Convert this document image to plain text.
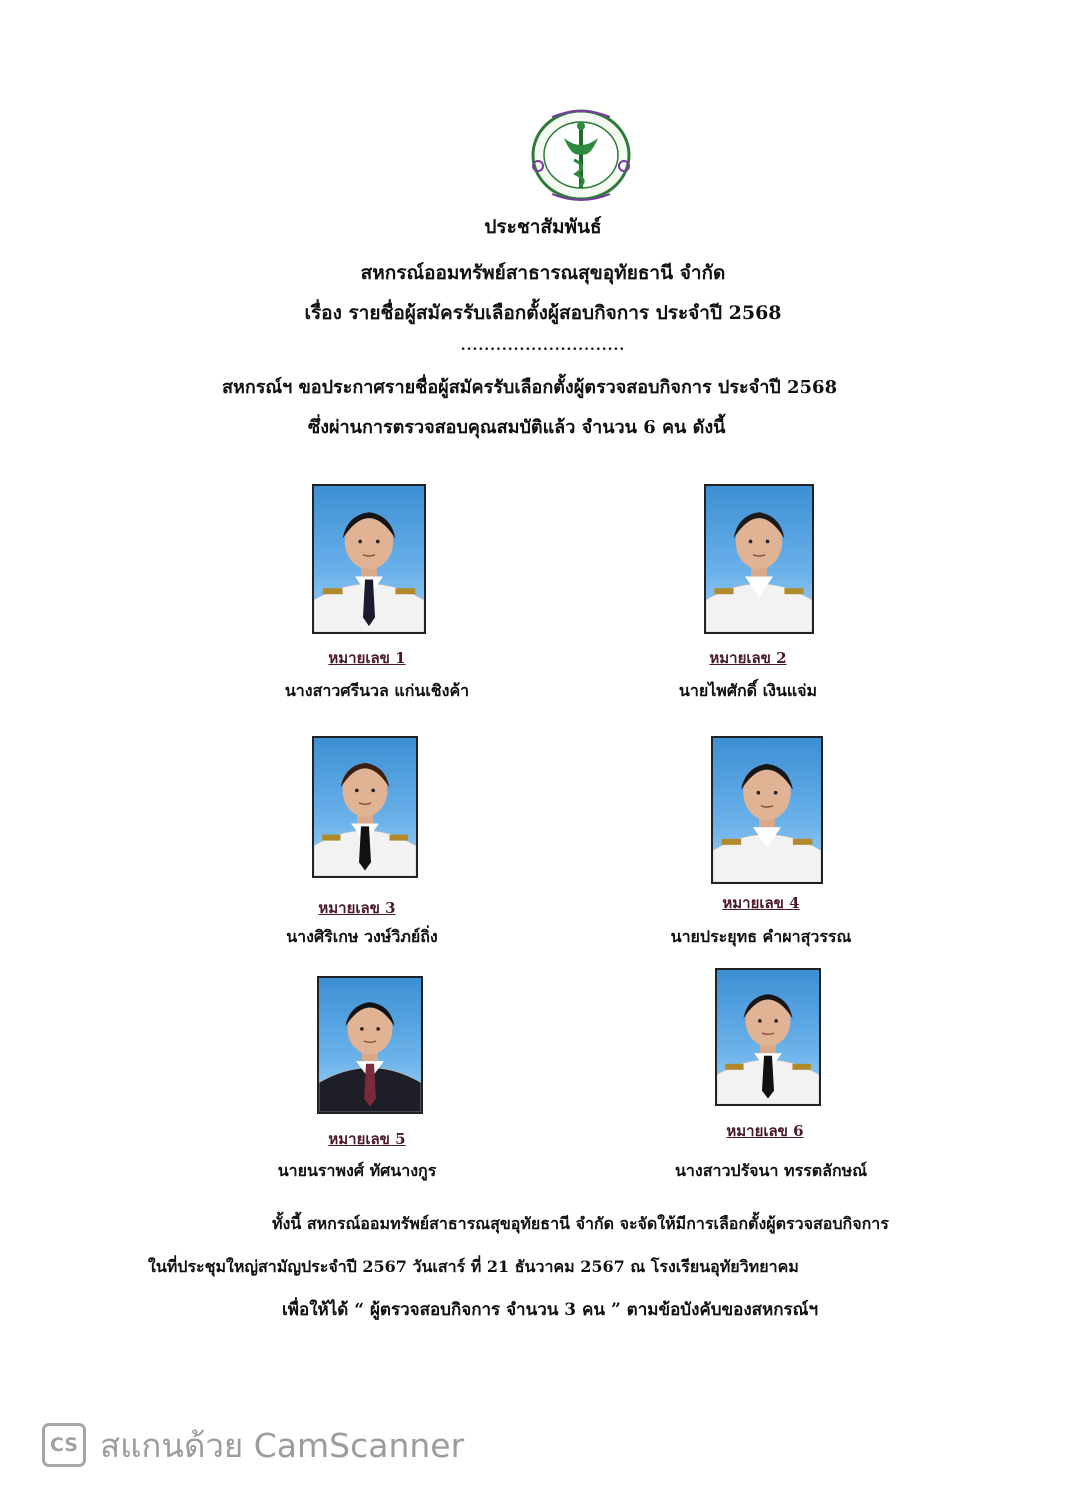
ประชาสัมพันธ์
สหกรณ์ออมทรัพย์สาธารณสุขอุทัยธานี จำกัด
เรื่อง รายชื่อผู้สมัครรับเลือกตั้งผู้สอบกิจการ ประจำปี 2568
............................
สหกรณ์ฯ ขอประกาศรายชื่อผู้สมัครรับเลือกตั้งผู้ตรวจสอบกิจการ ประจำปี 2568
ซึ่งผ่านการตรวจสอบคุณสมบัติแล้ว จำนวน 6 คน ดังนี้
หมายเลข 1
นางสาวศรีนวล แก่นเชิงค้า
หมายเลข 2
นายไพศักดิ์ เงินแจ่ม
หมายเลข 3
นางศิริเกษ วงษ์วิภย์ถิ่ง
หมายเลข 4
นายประยุทธ คำผาสุวรรณ
หมายเลข 5
นายนราพงศ์ ทัศนางกูร
หมายเลข 6
นางสาวปรัจนา ทรรตลักษณ์
ทั้งนี้ สหกรณ์ออมทรัพย์สาธารณสุขอุทัยธานี จำกัด จะจัดให้มีการเลือกตั้งผู้ตรวจสอบกิจการ
ในที่ประชุมใหญ่สามัญประจำปี 2567 วันเสาร์ ที่ 21 ธันวาคม 2567 ณ โรงเรียนอุทัยวิทยาคม
เพื่อให้ได้ “ ผู้ตรวจสอบกิจการ จำนวน 3 คน ” ตามข้อบังคับของสหกรณ์ฯ
CS สแกนด้วย CamScanner
